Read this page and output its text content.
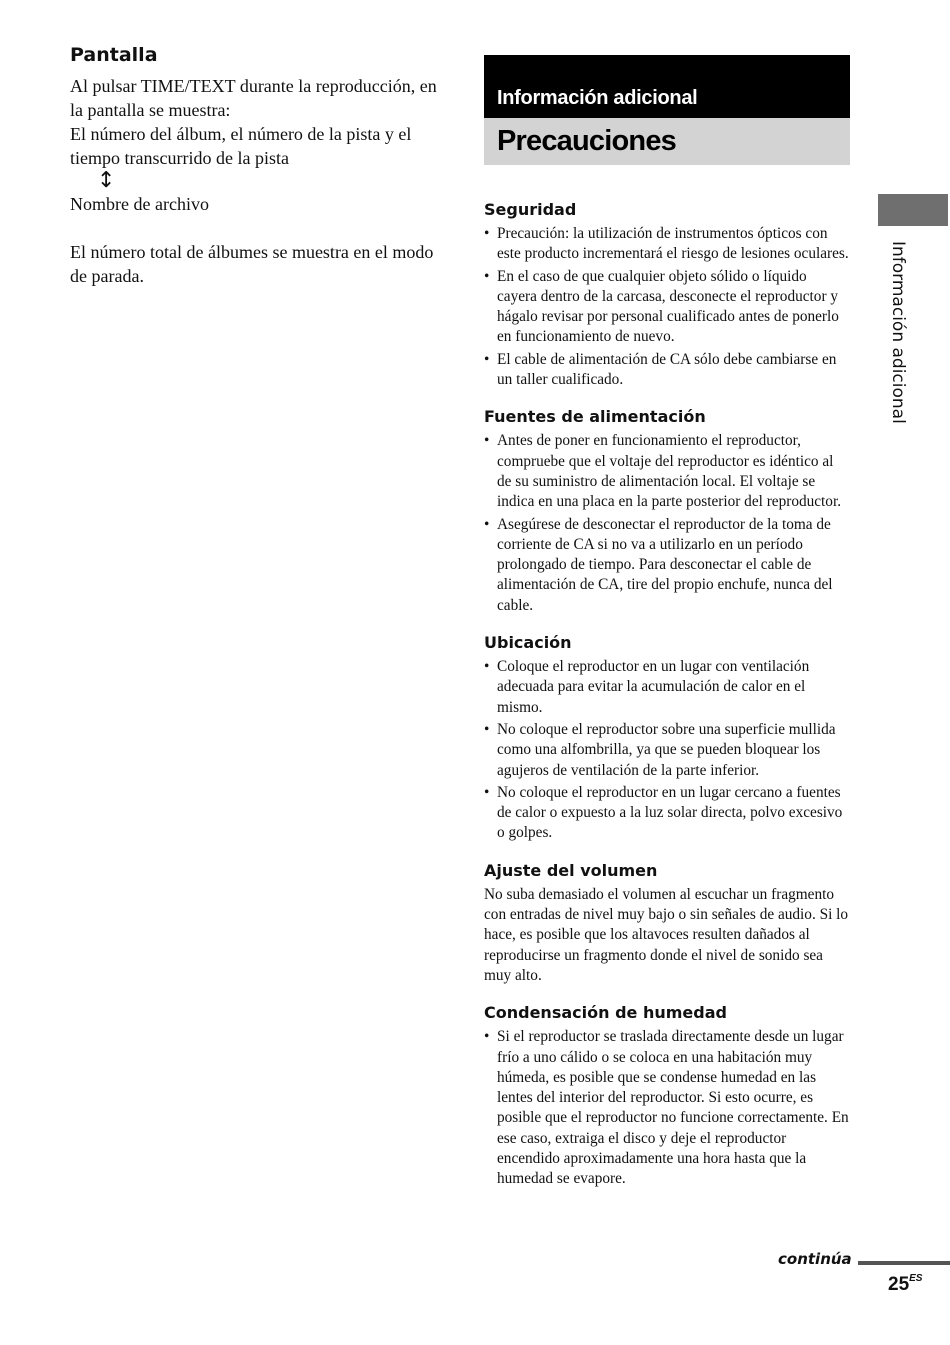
Pantalla

Al pulsar TIME/TEXT durante la reproducción, en la pantalla se muestra:

El número del álbum, el número de la pista y el tiempo transcurrido de la pista

↕

Nombre de archivo

El número total de álbumes se muestra en el modo de parada.

Información adicional
Precauciones
Seguridad
• Precaución: la utilización de instrumentos ópticos con este producto incrementará el riesgo de lesiones oculares.
• En el caso de que cualquier objeto sólido o líquido cayera dentro de la carcasa, desconecte el reproductor y hágalo revisar por personal cualificado antes de ponerlo en funcionamiento de nuevo.
• El cable de alimentación de CA sólo debe cambiarse en un taller cualificado.
Fuentes de alimentación
• Antes de poner en funcionamiento el reproductor, compruebe que el voltaje del reproductor es idéntico al de su suministro de alimentación local. El voltaje se indica en una placa en la parte posterior del reproductor.
• Asegúrese de desconectar el reproductor de la toma de corriente de CA si no va a utilizarlo en un período prolongado de tiempo. Para desconectar el cable de alimentación de CA, tire del propio enchufe, nunca del cable.
Ubicación
• Coloque el reproductor en un lugar con ventilación adecuada para evitar la acumulación de calor en el mismo.
• No coloque el reproductor sobre una superficie mullida como una alfombrilla, ya que se pueden bloquear los agujeros de ventilación de la parte inferior.
• No coloque el reproductor en un lugar cercano a fuentes de calor o expuesto a la luz solar directa, polvo excesivo o golpes.
Ajuste del volumen

No suba demasiado el volumen al escuchar un fragmento con entradas de nivel muy bajo o sin señales de audio. Si lo hace, es posible que los altavoces resulten dañados al reproducirse un fragmento donde el nivel de sonido sea muy alto.

Condensación de humedad
• Si el reproductor se traslada directamente desde un lugar frío a uno cálido o se coloca en una habitación muy húmeda, es posible que se condense humedad en las lentes del interior del reproductor. Si esto ocurre, es posible que el reproductor no funcione correctamente. En ese caso, extraiga el disco y deje el reproductor encendido aproximadamente una hora hasta que la humedad se evapore.
Información adicional
continúa
$25^{ES}$
